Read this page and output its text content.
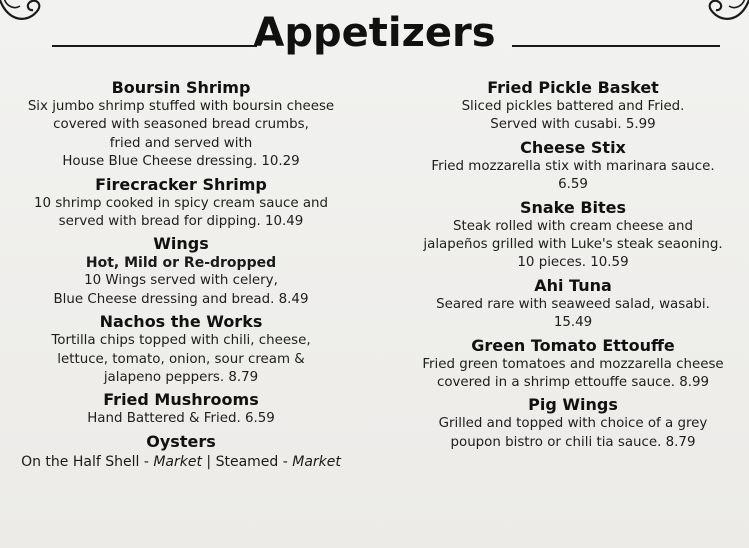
Appetizers
Boursin Shrimp
Six jumbo shrimp stuffed with boursin cheese
covered with seasoned bread crumbs,
fried and served with
House Blue Cheese dressing. 10.29
Firecracker Shrimp
10 shrimp cooked in spicy cream sauce and
served with bread for dipping. 10.49
Wings
Hot, Mild or Re-dropped
10 Wings served with celery,
Blue Cheese dressing and bread. 8.49
Nachos the Works
Tortilla chips topped with chili, cheese,
lettuce, tomato, onion, sour cream &
jalapeno peppers. 8.79
Fried Mushrooms
Hand Battered & Fried. 6.59
Oysters
On the Half Shell - Market | Steamed - Market
Fried Pickle Basket
Sliced pickles battered and Fried.
Served with cusabi. 5.99
Cheese Stix
Fried mozzarella stix with marinara sauce.
6.59
Snake Bites
Steak rolled with cream cheese and
jalapeños grilled with Luke's steak seaoning.
10 pieces. 10.59
Ahi Tuna
Seared rare with seaweed salad, wasabi.
15.49
Green Tomato Ettouffe
Fried green tomatoes and mozzarella cheese
covered in a shrimp ettouffe sauce. 8.99
Pig Wings
Grilled and topped with choice of a grey
poupon bistro or chili tia sauce. 8.79
